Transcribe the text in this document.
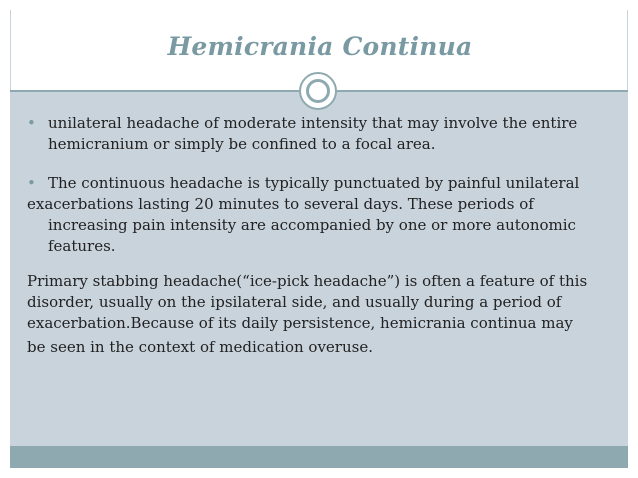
Hemicrania Continua
• unilateral headache of moderate intensity that may involve the entire
hemicranium or simply be confined to a focal area.
• The continuous headache is typically punctuated by painful unilateral
exacerbations lasting 20 minutes to several days. These periods of
increasing pain intensity are accompanied by one or more autonomic
features.
Primary stabbing headache(“ice-pick headache”) is often a feature of this
disorder, usually on the ipsilateral side, and usually during a period of
exacerbation.Because of its daily persistence, hemicrania continua may
be seen in the context of medication overuse.
